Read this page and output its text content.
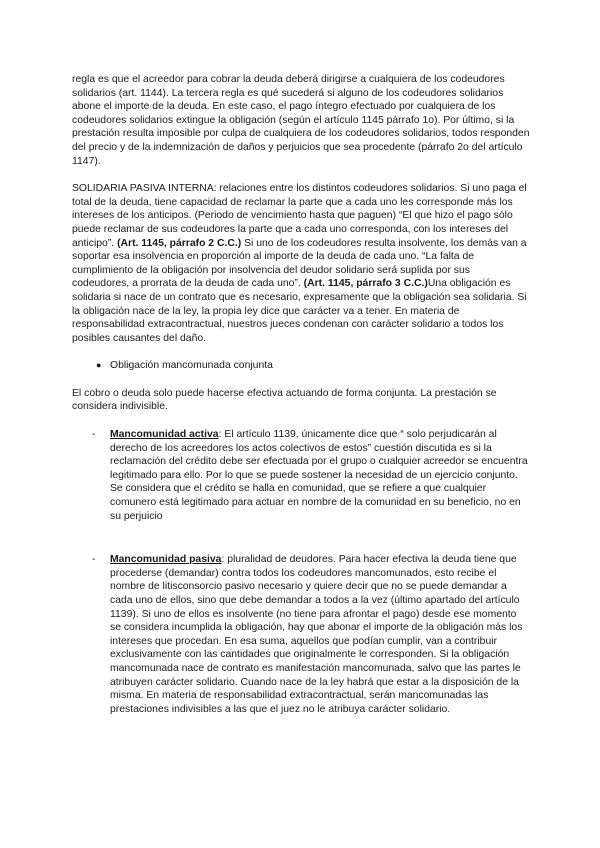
regla es que el acreedor para cobrar la deuda deberá dirigirse a cualquiera de los codeudores solidarios (art. 1144). La tercera regla es qué sucederá si alguno de los codeudores solidarios abone el importe de la deuda. En este caso, el pago íntegro efectuado por cualquiera de los codeudores solidarios extingue la obligación (según el artículo 1145 párrafo 1o). Por último, si la prestación resulta imposible por culpa de cualquiera de los codeudores solidarios, todos responden del precio y de la indemnización de daños y perjuicios que sea procedente (párrafo 2o del artículo 1147).

SOLIDARIA PASIVA INTERNA: relaciones entre los distintos codeudores solidarios. Si uno paga el total de la deuda, tiene capacidad de reclamar la parte que a cada uno les corresponde más los intereses de los anticipos. (Periodo de vencimiento hasta que paguen) “El que hizo el pago sólo puede reclamar de sus codeudores la parte que a cada uno corresponda, con los intereses del anticipo”. (Art. 1145, párrafo 2 C.C.) Si uno de los codeudores resulta insolvente, los demás van a soportar esa insolvencia en proporción al importe de la deuda de cada uno. “La falta de cumplimiento de la obligación por insolvencia del deudor solidario será suplida por sus codeudores, a prorrata de la deuda de cada uno”. (Art. 1145, párrafo 3 C.C.)Una obligación es solidaria si nace de un contrato que es necesario, expresamente que la obligación sea solidaria. Si la obligación nace de la ley, la propia ley dice que carácter va a tener. En materia de responsabilidad extracontractual, nuestros jueces condenan con carácter solidario a todos los posibles causantes del daño.

● Obligación mancomunada conjunta

El cobro o deuda solo puede hacerse efectiva actuando de forma conjunta. La prestación se considera indivisible.

-	Mancomunidad activa: El artículo 1139, únicamente dice que “ solo perjudicarán al derecho de los acreedores los actos colectivos de estos” cuestión discutida es si la reclamación del crédito debe ser efectuada por el grupo o cualquier acreedor se encuentra legitimado para ello. Por lo que se puede sostener la necesidad de un ejercicio conjunto. Se considera que el crédito se halla en comunidad, que se refiere a que cualquier comunero está legitimado para actuar en nombre de la comunidad en su beneficio, no en su perjuicio

-	Mancomunidad pasiva: pluralidad de deudores. Para hacer efectiva la deuda tiene que procederse (demandar) contra todos los codeudores mancomunados, esto recibe el nombre de litisconsorcio pasivo necesario y quiere decir que no se puede demandar a cada uno de ellos, sino que debe demandar a todos a la vez (último apartado del artículo 1139). Si uno de ellos es insolvente (no tiene para afrontar el pago) desde ese momento se considera incumplida la obligación, hay que abonar el importe de la obligación más los intereses que procedan. En esa suma, aquellos que podían cumplir, van a contribuir exclusivamente con las cantidades que originalmente le corresponden. Si la obligación mancomunada nace de contrato es manifestación mancomunada, salvo que las partes le atribuyen carácter solidario. Cuando nace de la ley habrá que estar a la disposición de la misma. En materia de responsabilidad extracontractual, serán mancomunadas las prestaciones indivisibles a las que el juez no le atribuya carácter solidario.
